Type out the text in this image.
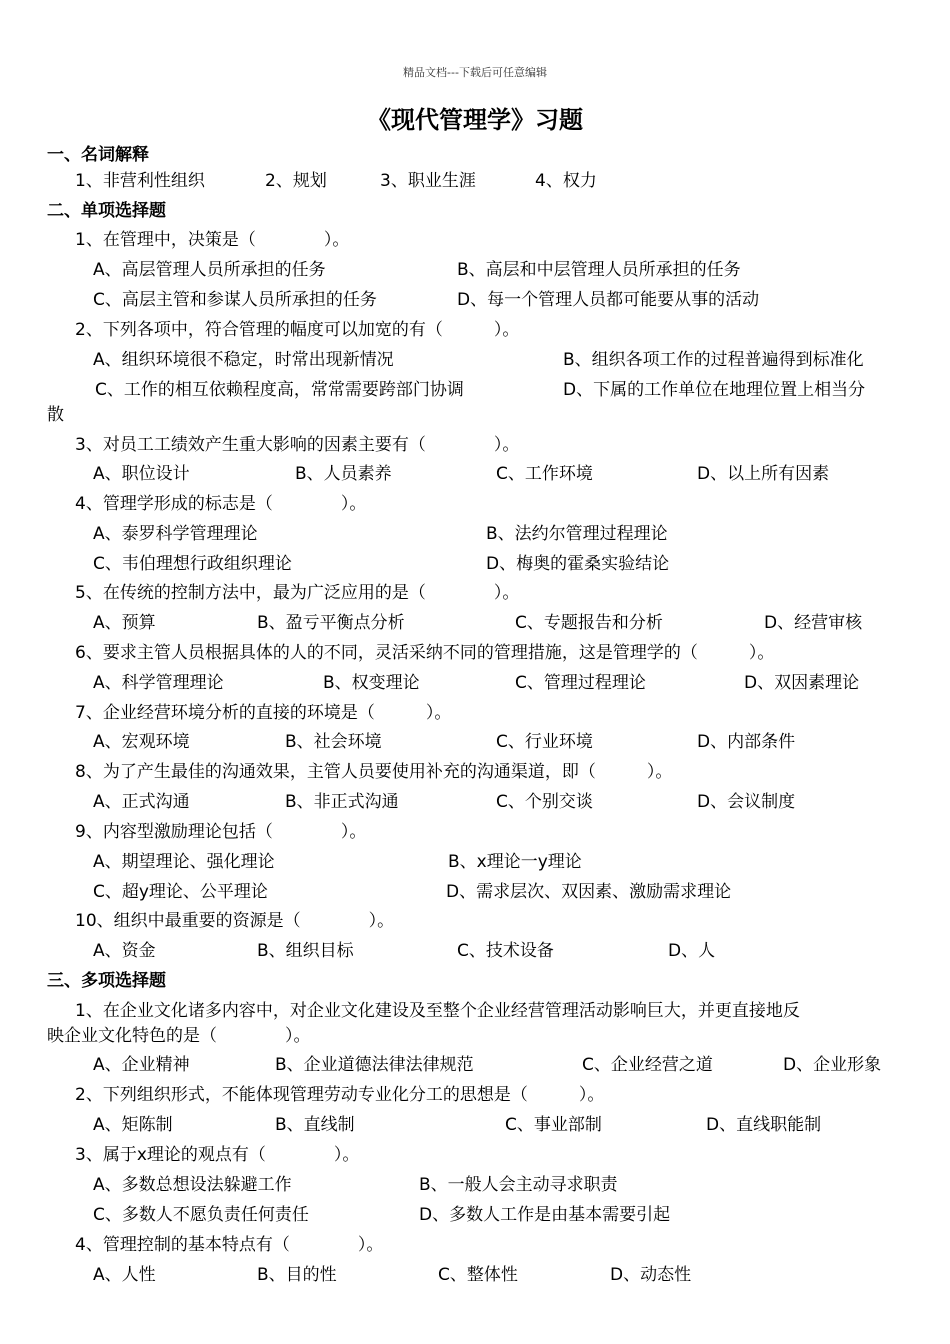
精品文档---下载后可任意编辑
《现代管理学》习题
一、名词解释
1、非营利性组织	2、规划	3、职业生涯	4、权力
二、单项选择题
1、在管理中，决策是（　　　　）。
A、高层管理人员所承担的任务	B、高层和中层管理人员所承担的任务
C、高层主管和参谋人员所承担的任务	D、每一个管理人员都可能要从事的活动
2、下列各项中，符合管理的幅度可以加宽的有（　　　）。
A、组织环境很不稳定，时常出现新情况	B、组织各项工作的过程普遍得到标准化
C、工作的相互依赖程度高，常常需要跨部门协调	D、下属的工作单位在地理位置上相当分
散
3、对员工工绩效产生重大影响的因素主要有（　　　　）。
A、职位设计	B、人员素养	C、工作环境	D、以上所有因素
4、管理学形成的标志是（　　　　）。
A、泰罗科学管理理论	B、法约尔管理过程理论
C、韦伯理想行政组织理论	D、梅奥的霍桑实验结论
5、在传统的控制方法中，最为广泛应用的是（　　　　）。
A、预算	B、盈亏平衡点分析	C、专题报告和分析	D、经营审核
6、要求主管人员根据具体的人的不同，灵活采纳不同的管理措施，这是管理学的（　　　）。
A、科学管理理论	B、权变理论	C、管理过程理论	D、双因素理论
7、企业经营环境分析的直接的环境是（　　　）。
A、宏观环境	B、社会环境	C、行业环境	D、内部条件
8、为了产生最佳的沟通效果，主管人员要使用补充的沟通渠道，即（　　　）。
A、正式沟通	B、非正式沟通	C、个别交谈	D、会议制度
9、内容型激励理论包括（　　　　）。
A、期望理论、强化理论	B、x理论一y理论
C、超y理论、公平理论	D、需求层次、双因素、激励需求理论
10、组织中最重要的资源是（　　　　）。
A、资金	B、组织目标	C、技术设备	D、人
三、多项选择题
1、在企业文化诸多内容中，对企业文化建设及至整个企业经营管理活动影响巨大，并更直接地反
映企业文化特色的是（　　　　）。
A、企业精神	B、企业道德法律法律规范	C、企业经营之道	D、企业形象
2、下列组织形式，不能体现管理劳动专业化分工的思想是（　　　）。
A、矩陈制	B、直线制	C、事业部制	D、直线职能制
3、属于x理论的观点有（　　　　）。
A、多数总想设法躲避工作	B、一般人会主动寻求职责
C、多数人不愿负责任何责任	D、多数人工作是由基本需要引起
4、管理控制的基本特点有（　　　　）。
A、人性	B、目的性	C、整体性	D、动态性
